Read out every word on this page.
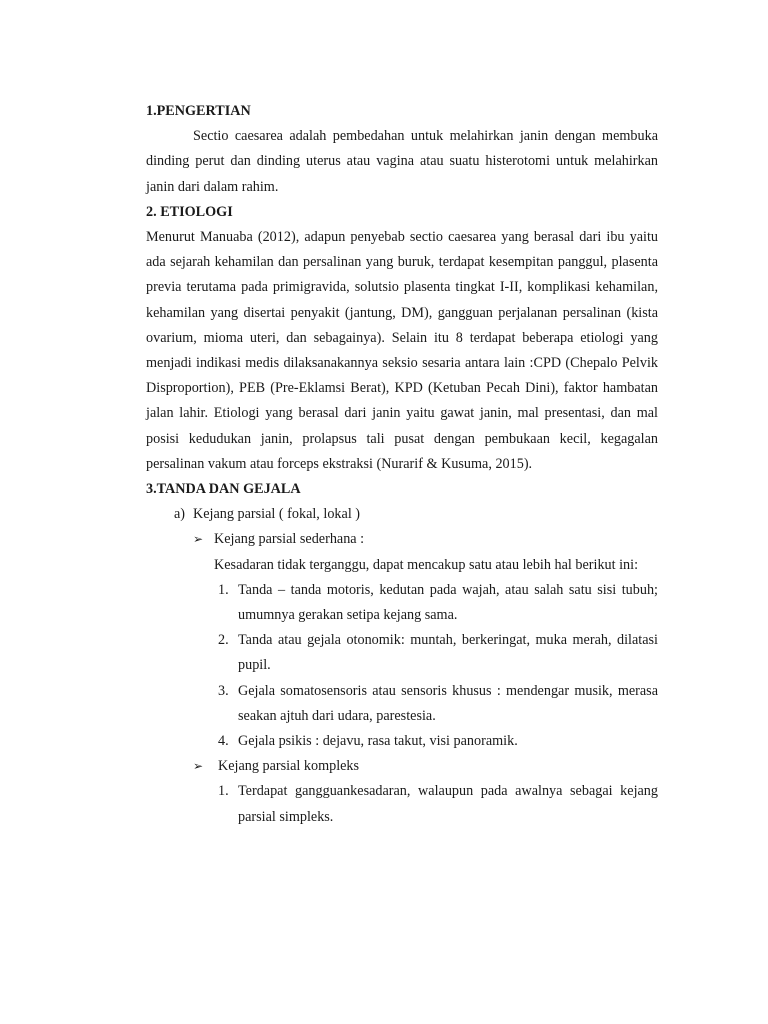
1.PENGERTIAN

Sectio caesarea adalah pembedahan untuk melahirkan janin dengan membuka dinding perut dan dinding uterus atau vagina atau suatu histerotomi untuk melahirkan janin dari dalam rahim.

2. ETIOLOGI

Menurut Manuaba (2012), adapun penyebab sectio caesarea yang berasal dari ibu yaitu ada sejarah kehamilan dan persalinan yang buruk, terdapat kesempitan panggul, plasenta previa terutama pada primigravida, solutsio plasenta tingkat I-II, komplikasi kehamilan, kehamilan yang disertai penyakit (jantung, DM), gangguan perjalanan persalinan (kista ovarium, mioma uteri, dan sebagainya). Selain itu 8 terdapat beberapa etiologi yang menjadi indikasi medis dilaksanakannya seksio sesaria antara lain :CPD (Chepalo Pelvik Disproportion), PEB (Pre-Eklamsi Berat), KPD (Ketuban Pecah Dini), faktor hambatan jalan lahir. Etiologi yang berasal dari janin yaitu gawat janin, mal presentasi, dan mal posisi kedudukan janin, prolapsus tali pusat dengan pembukaan kecil, kegagalan persalinan vakum atau forceps ekstraksi (Nurarif & Kusuma, 2015).

3.TANDA DAN GEJALA

a) Kejang parsial ( fokal, lokal )
➢ Kejang parsial sederhana :

Kesadaran tidak terganggu, dapat mencakup satu atau lebih hal berikut ini:

1. Tanda – tanda motoris, kedutan pada wajah, atau salah satu sisi tubuh; umumnya gerakan setipa kejang sama.
2. Tanda atau gejala otonomik: muntah, berkeringat, muka merah, dilatasi pupil.
3. Gejala somatosensoris atau sensoris khusus : mendengar musik, merasa seakan ajtuh dari udara, parestesia.
4. Gejala psikis : dejavu, rasa takut, visi panoramik.
➢	Kejang parsial kompleks
1. Terdapat gangguankesadaran, walaupun pada awalnya sebagai kejang parsial simpleks.
